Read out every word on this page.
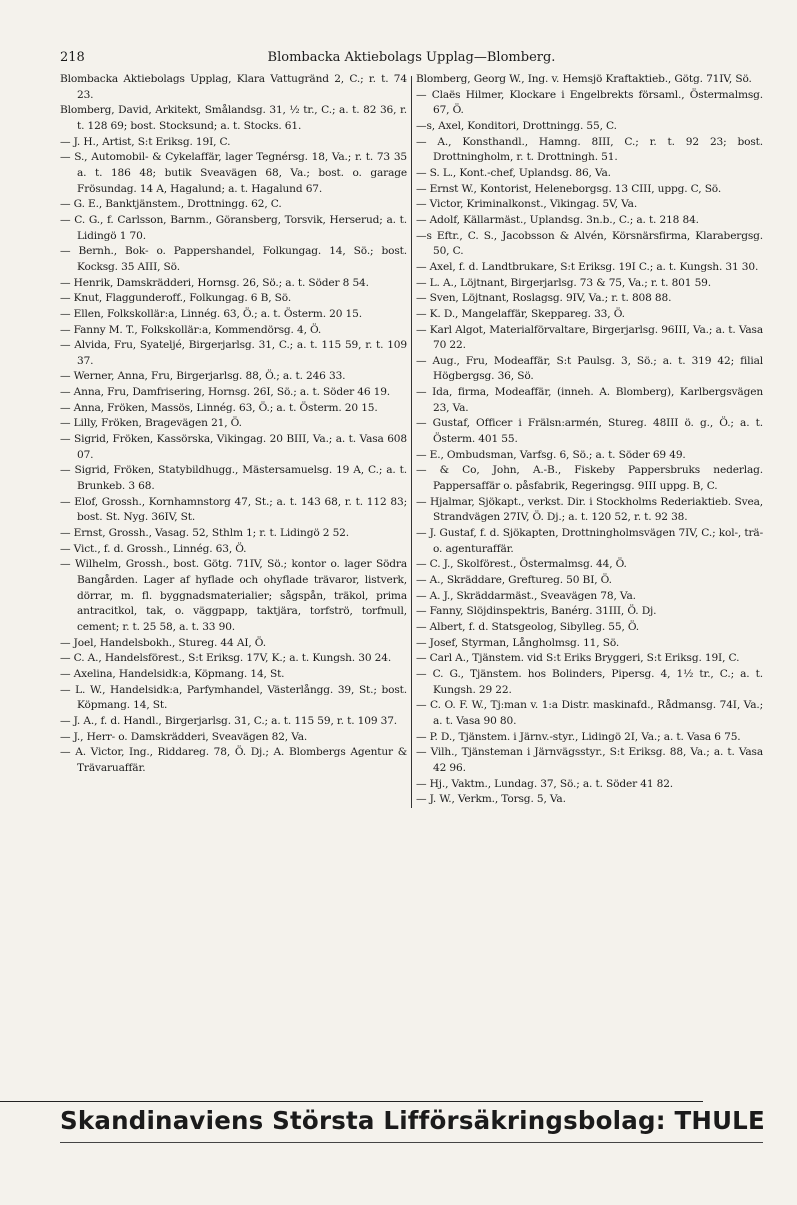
218	Blombacka Aktiebolags Upplag—Blomberg.

Blombacka Aktiebolags Upplag, Klara Vattugränd 2, C.; r. t. 74 23.

Blomberg, David, Arkitekt, Smålandsg. 31, ½ tr., C.; a. t. 82 36, r. t. 128 69; bost. Stocksund; a. t. Stocks. 61.

— J. H., Artist, S:t Eriksg. 19I, C.

— S., Automobil- & Cykelaffär, lager Tegnérsg. 18, Va.; r. t. 73 35 a. t. 186 48; butik Sveavägen 68, Va.; bost. o. garage Frösundag. 14 A, Hagalund; a. t. Hagalund 67.

— G. E., Banktjänstem., Drottningg. 62, C.

— C. G., f. Carlsson, Barnm., Göransberg, Torsvik, Herserud; a. t. Lidingö 1 70.

— Bernh., Bok- o. Pappershandel, Folkungag. 14, Sö.; bost. Kocksg. 35 AIII, Sö.

— Henrik, Damskrädderi, Hornsg. 26, Sö.; a. t. Söder 8 54.

— Knut, Flaggunderoff., Folkungag. 6 B, Sö.

— Ellen, Folkskollär:a, Linnég. 63, Ö.; a. t. Österm. 20 15.

— Fanny M. T., Folkskollär:a, Kommendörsg. 4, Ö.

— Alvida, Fru, Syateljé, Birgerjarlsg. 31, C.; a. t. 115 59, r. t. 109 37.

— Werner, Anna, Fru, Birgerjarlsg. 88, Ö.; a. t. 246 33.

— Anna, Fru, Damfrisering, Hornsg. 26I, Sö.; a. t. Söder 46 19.

— Anna, Fröken, Massös, Linnég. 63, Ö.; a. t. Österm. 20 15.

— Lilly, Fröken, Bragevägen 21, Ö.

— Sigrid, Fröken, Kassörska, Vikingag. 20 BIII, Va.; a. t. Vasa 608 07.

— Sigrid, Fröken, Statybildhugg., Mästersamuelsg. 19 A, C.; a. t. Brunkeb. 3 68.

— Elof, Grossh., Kornhamnstorg 47, St.; a. t. 143 68, r. t. 112 83; bost. St. Nyg. 36IV, St.

— Ernst, Grossh., Vasag. 52, Sthlm 1; r. t. Lidingö 2 52.

— Vict., f. d. Grossh., Linnég. 63, Ö.

— Wilhelm, Grossh., bost. Götg. 71IV, Sö.; kontor o. lager Södra Bangården. Lager af hyflade och ohyflade trävaror, listverk, dörrar, m. fl. byggnadsmaterialier; sågspån, träkol, prima antracitkol, tak, o. väggpapp, taktjära, torfströ, torfmull, cement; r. t. 25 58, a. t. 33 90.

— Joel, Handelsbokh., Stureg. 44 AI, Ö.

— C. A., Handelsförest., S:t Eriksg. 17V, K.; a. t. Kungsh. 30 24.

— Axelina, Handelsidk:a, Köpmang. 14, St.

— L. W., Handelsidk:a, Parfymhandel, Västerlångg. 39, St.; bost. Köpmang. 14, St.

— J. A., f. d. Handl., Birgerjarlsg. 31, C.; a. t. 115 59, r. t. 109 37.

— J., Herr- o. Damskrädderi, Sveavägen 82, Va.

— A. Victor, Ing., Riddareg. 78, Ö. Dj.; A. Blombergs Agentur & Trävaruaffär.

Blomberg, Georg W., Ing. v. Hemsjö Kraftaktieb., Götg. 71IV, Sö.

— Claës Hilmer, Klockare i Engelbrekts församl., Östermalmsg. 67, Ö.

—s, Axel, Konditori, Drottningg. 55, C.

— A., Konsthandl., Hamng. 8III, C.; r. t. 92 23; bost. Drottningholm, r. t. Drottningh. 51.

— S. L., Kont.-chef, Uplandsg. 86, Va.

— Ernst W., Kontorist, Heleneborgsg. 13 CIII, uppg. C, Sö.

— Victor, Kriminalkonst., Vikingag. 5V, Va.

— Adolf, Källarmäst., Uplandsg. 3n.b., C.; a. t. 218 84.

—s Eftr., C. S., Jacobsson & Alvén, Körsnärsfirma, Klarabergsg. 50, C.

— Axel, f. d. Landtbrukare, S:t Eriksg. 19I C.; a. t. Kungsh. 31 30.

— L. A., Löjtnant, Birgerjarlsg. 73 & 75, Va.; r. t. 801 59.

— Sven, Löjtnant, Roslagsg. 9IV, Va.; r. t. 808 88.

— K. D., Mangelaffär, Skeppareg. 33, Ö.

— Karl Algot, Materialförvaltare, Birgerjarlsg. 96III, Va.; a. t. Vasa 70 22.

— Aug., Fru, Modeaffär, S:t Paulsg. 3, Sö.; a. t. 319 42; filial Högbergsg. 36, Sö.

— Ida, firma, Modeaffär, (inneh. A. Blomberg), Karlbergsvägen 23, Va.

— Gustaf, Officer i Frälsn:armén, Stureg. 48III ö. g., Ö.; a. t. Österm. 401 55.

— E., Ombudsman, Varfsg. 6, Sö.; a. t. Söder 69 49.

— & Co, John, A.-B., Fiskeby Pappersbruks nederlag. Pappersaffär o. påsfabrik, Regeringsg. 9III uppg. B, C.

— Hjalmar, Sjökapt., verkst. Dir. i Stockholms Rederiaktieb. Svea, Strandvägen 27IV, Ö. Dj.; a. t. 120 52, r. t. 92 38.

— J. Gustaf, f. d. Sjökapten, Drottningholmsvägen 7IV, C.; kol-, trä- o. agenturaffär.

— C. J., Skolförest., Östermalmsg. 44, Ö.

— A., Skräddare, Greftureg. 50 BI, Ö.

— A. J., Skräddarmäst., Sveavägen 78, Va.

— Fanny, Slöjdinspektris, Banérg. 31III, Ö. Dj.

— Albert, f. d. Statsgeolog, Sibylleg. 55, Ö.

— Josef, Styrman, Långholmsg. 11, Sö.

— Carl A., Tjänstem. vid S:t Eriks Bryggeri, S:t Eriksg. 19I, C.

— C. G., Tjänstem. hos Bolinders, Pipersg. 4, 1½ tr., C.; a. t. Kungsh. 29 22.

— C. O. F. W., Tj:man v. 1:a Distr. maskinafd., Rådmansg. 74I, Va.; a. t. Vasa 90 80.

— P. D., Tjänstem. i Järnv.-styr., Lidingö 2I, Va.; a. t. Vasa 6 75.

— Vilh., Tjänsteman i Järnvägsstyr., S:t Eriksg. 88, Va.; a. t. Vasa 42 96.

— Hj., Vaktm., Lundag. 37, Sö.; a. t. Söder 41 82.

— J. W., Verkm., Torsg. 5, Va.

Skandinaviens Största Lifförsäkringsbolag: THULE
